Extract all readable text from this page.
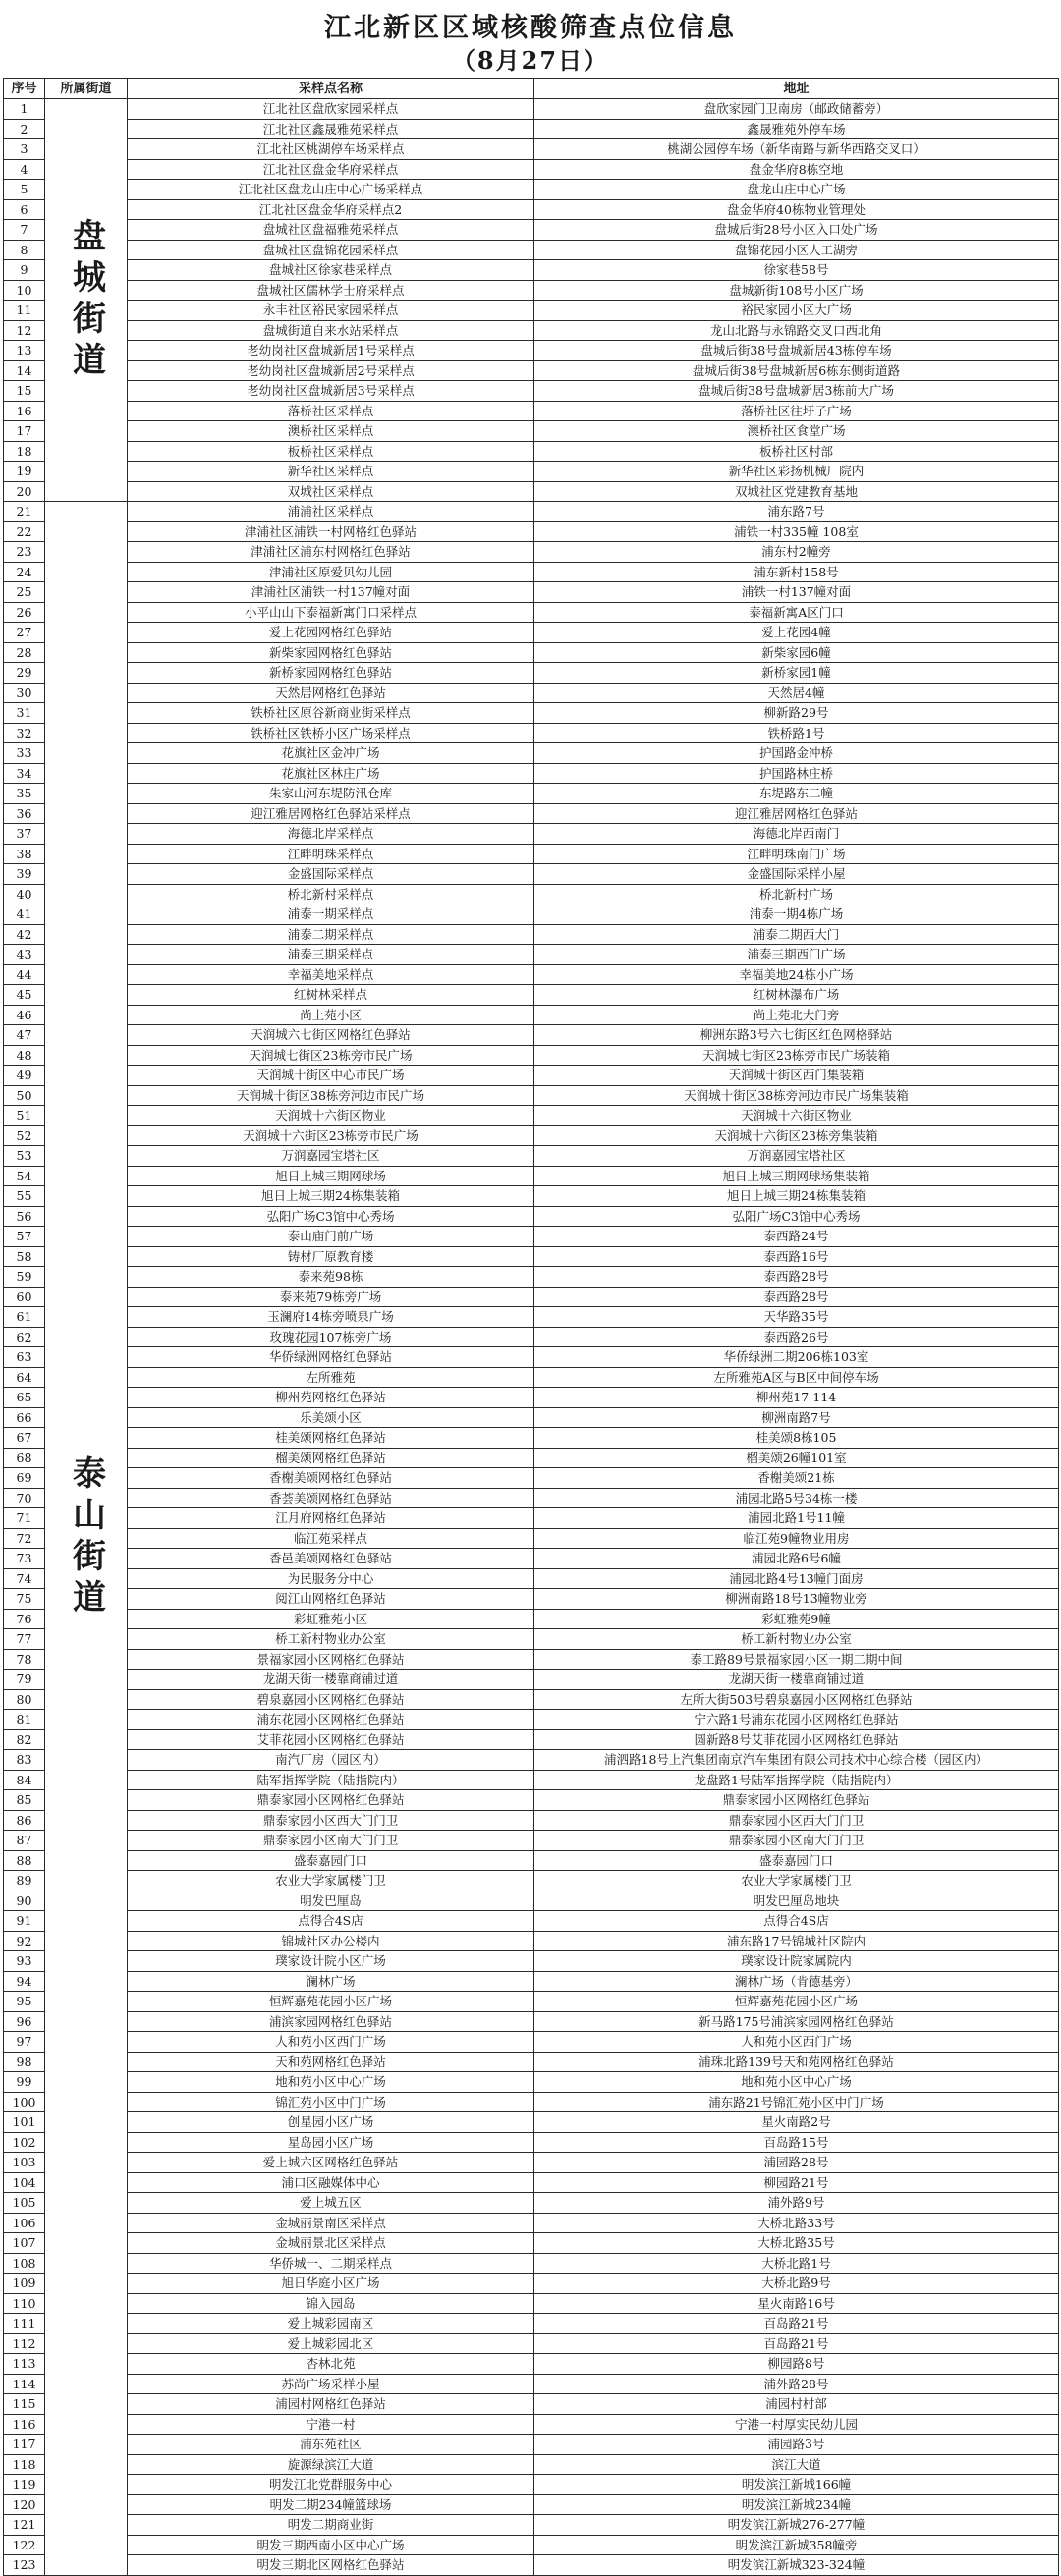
江北新区区域核酸筛查点位信息
（8月27日）
序号	所属街道	采样点名称	地址
1	盘城街道	江北社区盘欣家园采样点	盘欣家园门卫南房（邮政储蓄旁）
2		江北社区鑫晟雅苑采样点	鑫晟雅苑外停车场
3		江北社区桃湖停车场采样点	桃湖公园停车场（新华南路与新华西路交叉口）
4		江北社区盘金华府采样点	盘金华府8栋空地
5		江北社区盘龙山庄中心广场采样点	盘龙山庄中心广场
6		江北社区盘金华府采样点2	盘金华府40栋物业管理处
7		盘城社区盘福雅苑采样点	盘城后街28号小区入口处广场
8		盘城社区盘锦花园采样点	盘锦花园小区人工湖旁
9		盘城社区徐家巷采样点	徐家巷58号
10		盘城社区儒林学士府采样点	盘城新街108号小区广场
11		永丰社区裕民家园采样点	裕民家园小区大广场
12		盘城街道自来水站采样点	龙山北路与永锦路交叉口西北角
13		老幼岗社区盘城新居1号采样点	盘城后街38号盘城新居43栋停车场
14		老幼岗社区盘城新居2号采样点	盘城后街38号盘城新居6栋东侧街道路
15		老幼岗社区盘城新居3号采样点	盘城后街38号盘城新居3栋前大广场
16		落桥社区采样点	落桥社区往圩子广场
17		澳桥社区采样点	澳桥社区食堂广场
18		板桥社区采样点	板桥社区村部
19		新华社区采样点	新华社区彩扬机械厂院内
20		双城社区采样点	双城社区党建教育基地
21	泰山街道	浦浦社区采样点	浦东路7号
22		津浦社区浦铁一村网格红色驿站	浦铁一村335幢 108室
23		津浦社区浦东村网格红色驿站	浦东村2幢旁
24		津浦社区原爱贝幼儿园	浦东新村158号
25		津浦社区浦铁一村137幢对面	浦铁一村137幢对面
26		小平山山下泰福新寓门口采样点	泰福新寓A区门口
27		爱上花园网格红色驿站	爱上花园4幢
28		新柴家园网格红色驿站	新柴家园6幢
29		新桥家园网格红色驿站	新桥家园1幢
30		天然居网格红色驿站	天然居4幢
31		铁桥社区原谷新商业街采样点	柳新路29号
32		铁桥社区铁桥小区广场采样点	铁桥路1号
33		花旗社区金冲广场	护国路金冲桥
34		花旗社区林庄广场	护国路林庄桥
35		朱家山河东堤防汛仓库	东堤路东二幢
36		迎江雅居网格红色驿站采样点	迎江雅居网格红色驿站
37		海德北岸采样点	海德北岸西南门
38		江畔明珠采样点	江畔明珠南门广场
39		金盛国际采样点	金盛国际采样小屋
40		桥北新村采样点	桥北新村广场
41		浦泰一期采样点	浦泰一期4栋广场
42		浦泰二期采样点	浦泰二期西大门
43		浦泰三期采样点	浦泰三期西门广场
44		幸福美地采样点	幸福美地24栋小广场
45		红树林采样点	红树林瀑布广场
46		尚上苑小区	尚上苑北大门旁
47		天润城六七街区网格红色驿站	柳洲东路3号六七街区红色网格驿站
48		天润城七街区23栋旁市民广场	天润城七街区23栋旁市民广场装箱
49		天润城十街区中心市民广场	天润城十街区西门集装箱
50		天润城十街区38栋旁河边市民广场	天润城十街区38栋旁河边市民广场集装箱
51		天润城十六街区物业	天润城十六街区物业
52		天润城十六街区23栋旁市民广场	天润城十六街区23栋旁集装箱
53		万润嘉园宝塔社区	万润嘉园宝塔社区
54		旭日上城三期网球场	旭日上城三期网球场集装箱
55		旭日上城三期24栋集装箱	旭日上城三期24栋集装箱
56		弘阳广场C3馆中心秀场	弘阳广场C3馆中心秀场
57		泰山庙门前广场	泰西路24号
58		铸材厂原教育楼	泰西路16号
59		泰来苑98栋	泰西路28号
60		泰来苑79栋旁广场	泰西路28号
61		玉澜府14栋旁喷泉广场	天华路35号
62		玫瑰花园107栋旁广场	泰西路26号
63		华侨绿洲网格红色驿站	华侨绿洲二期206栋103室
64		左所雅苑	左所雅苑A区与B区中间停车场
65		柳州苑网格红色驿站	柳州苑17-114
66		乐美颂小区	柳洲南路7号
67		桂美颂网格红色驿站	桂美颂8栋105
68		榴美颂网格红色驿站	榴美颂26幢101室
69		香榭美颂网格红色驿站	香榭美颂21栋
70		香荟美颂网格红色驿站	浦园北路5号34栋一楼
71		江月府网格红色驿站	浦园北路1号11幢
72		临江苑采样点	临江苑9幢物业用房
73		香邑美颂网格红色驿站	浦园北路6号6幢
74		为民服务分中心	浦园北路4号13幢门面房
75		阅江山网格红色驿站	柳洲南路18号13幢物业旁
76		彩虹雅苑小区	彩虹雅苑9幢
77		桥工新村物业办公室	桥工新村物业办公室
78		景福家园小区网格红色驿站	泰工路89号景福家园小区一期二期中间
79		龙湖天街一楼靠商铺过道	龙湖天街一楼靠商铺过道
80		碧泉嘉园小区网格红色驿站	左所大街503号碧泉嘉园小区网格红色驿站
81		浦东花园小区网格红色驿站	宁六路1号浦东花园小区网格红色驿站
82		艾菲花园小区网格红色驿站	圆新路8号艾菲花园小区网格红色驿站
83		南汽厂房（园区内）	浦泗路18号上汽集团南京汽车集团有限公司技术中心综合楼（园区内）
84		陆军指挥学院（陆指院内）	龙盘路1号陆军指挥学院（陆指院内）
85		鼎泰家园小区网格红色驿站	鼎泰家园小区网格红色驿站
86		鼎泰家园小区西大门门卫	鼎泰家园小区西大门门卫
87		鼎泰家园小区南大门门卫	鼎泰家园小区南大门门卫
88		盛泰嘉园门口	盛泰嘉园门口
89		农业大学家属楼门卫	农业大学家属楼门卫
90		明发巴厘岛	明发巴厘岛地块
91		点得合4S店	点得合4S店
92		锦城社区办公楼内	浦东路17号锦城社区院内
93		璞家设计院小区广场	璞家设计院家属院内
94		澜林广场	澜林广场（肯德基旁）
95		恒辉嘉苑花园小区广场	恒辉嘉苑花园小区广场
96		浦滨家园网格红色驿站	新马路175号浦滨家园网格红色驿站
97		人和苑小区西门广场	人和苑小区西门广场
98		天和苑网格红色驿站	浦珠北路139号天和苑网格红色驿站
99		地和苑小区中心广场	地和苑小区中心广场
100		锦汇苑小区中门广场	浦东路21号锦汇苑小区中门广场
101		创星园小区广场	星火南路2号
102		星岛园小区广场	百岛路15号
103		爱上城六区网格红色驿站	浦园路28号
104		浦口区融媒体中心	柳园路21号
105		爱上城五区	浦外路9号
106		金城丽景南区采样点	大桥北路33号
107		金城丽景北区采样点	大桥北路35号
108		华侨城一、二期采样点	大桥北路1号
109		旭日华庭小区广场	大桥北路9号
110		锦入园岛	星火南路16号
111		爱上城彩园南区	百岛路21号
112		爱上城彩园北区	百岛路21号
113		杏林北苑	柳园路8号
114		苏尚广场采样小屋	浦外路28号
115		浦园村网格红色驿站	浦园村村部
116		宁港一村	宁港一村厚实民幼儿园
117		浦东苑社区	浦园路3号
118		旋源绿滨江大道	滨江大道
119		明发江北党群服务中心	明发滨江新城166幢
120		明发二期234幢篮球场	明发滨江新城234幢
121		明发二期商业街	明发滨江新城276-277幢
122		明发三期西南小区中心广场	明发滨江新城358幢旁
123		明发三期北区网格红色驿站	明发滨江新城323-324幢
